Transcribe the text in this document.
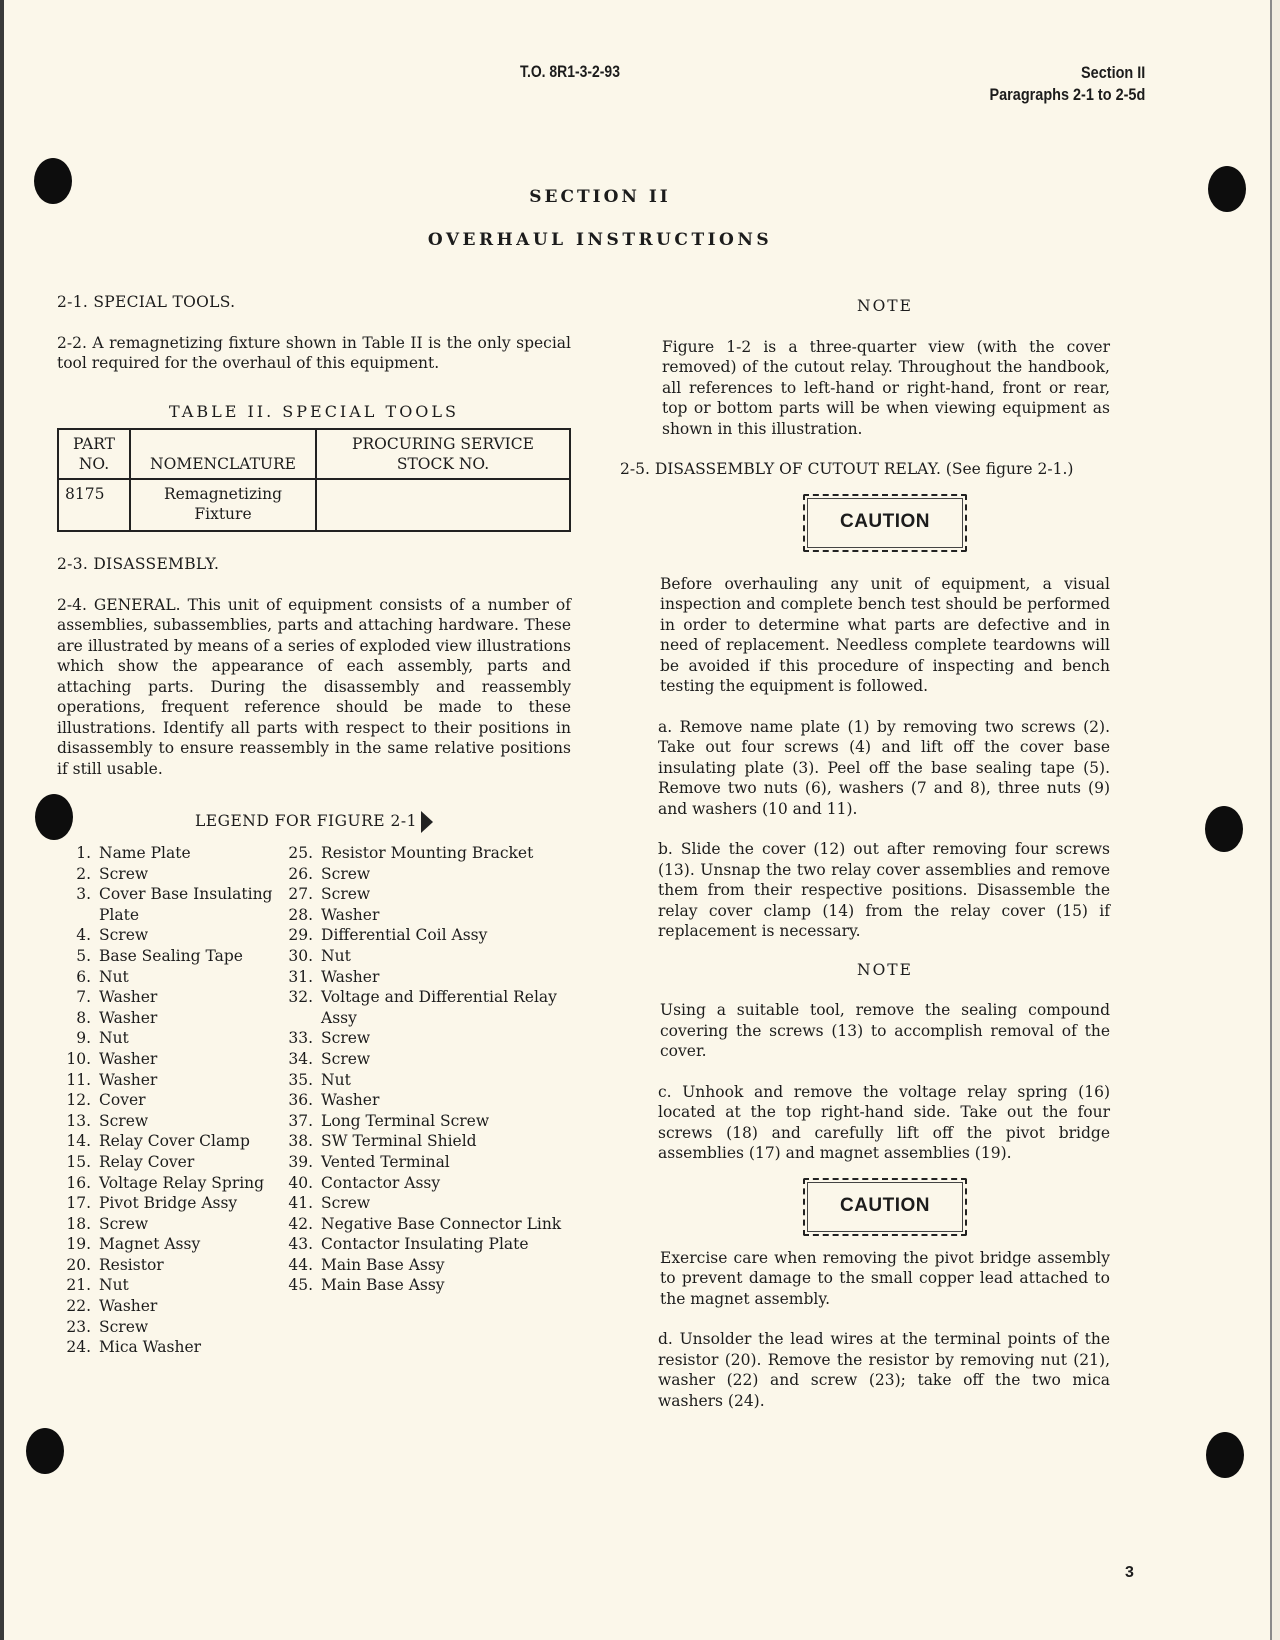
T.O. 8R1-3-2-93	Section II
Paragraphs 2-1 to 2-5d
SECTION II
OVERHAUL INSTRUCTIONS

2-1. SPECIAL TOOLS.

2-2. A remagnetizing fixture shown in Table II is the only special tool required for the overhaul of this equipment.

TABLE II. SPECIAL TOOLS

PART NO.	NOMENCLATURE	PROCURING SERVICE STOCK NO.
8175	Remagnetizing Fixture	

2-3. DISASSEMBLY.

2-4. GENERAL. This unit of equipment consists of a number of assemblies, subassemblies, parts and attaching hardware. These are illustrated by means of a series of exploded view illustrations which show the appearance of each assembly, parts and attaching parts. During the disassembly and reassembly operations, frequent reference should be made to these illustrations. Identify all parts with respect to their positions in disassembly to ensure reassembly in the same relative positions if still usable.

LEGEND FOR FIGURE 2-1

1. Name Plate
2. Screw
3. Cover Base Insulating Plate
4. Screw
5. Base Sealing Tape
6. Nut
7. Washer
8. Washer
9. Nut
10. Washer
11. Washer
12. Cover
13. Screw
14. Relay Cover Clamp
15. Relay Cover
16. Voltage Relay Spring
17. Pivot Bridge Assy
18. Screw
19. Magnet Assy
20. Resistor
21. Nut
22. Washer
23. Screw
24. Mica Washer
25. Resistor Mounting Bracket
26. Screw
27. Screw
28. Washer
29. Differential Coil Assy
30. Nut
31. Washer
32. Voltage and Differential Relay Assy
33. Screw
34. Screw
35. Nut
36. Washer
37. Long Terminal Screw
38. SW Terminal Shield
39. Vented Terminal
40. Contactor Assy
41. Screw
42. Negative Base Connector Link
43. Contactor Insulating Plate
44. Main Base Assy
45. Main Base Assy

NOTE

Figure 1-2 is a three-quarter view (with the cover removed) of the cutout relay. Throughout the handbook, all references to left-hand or right-hand, front or rear, top or bottom parts will be when viewing equipment as shown in this illustration.

2-5. DISASSEMBLY OF CUTOUT RELAY. (See figure 2-1.)

CAUTION

Before overhauling any unit of equipment, a visual inspection and complete bench test should be performed in order to determine what parts are defective and in need of replacement. Needless complete teardowns will be avoided if this procedure of inspecting and bench testing the equipment is followed.

a. Remove name plate (1) by removing two screws (2). Take out four screws (4) and lift off the cover base insulating plate (3). Peel off the base sealing tape (5). Remove two nuts (6), washers (7 and 8), three nuts (9) and washers (10 and 11).

b. Slide the cover (12) out after removing four screws (13). Unsnap the two relay cover assemblies and remove them from their respective positions. Disassemble the relay cover clamp (14) from the relay cover (15) if replacement is necessary.

NOTE

Using a suitable tool, remove the sealing compound covering the screws (13) to accomplish removal of the cover.

c. Unhook and remove the voltage relay spring (16) located at the top right-hand side. Take out the four screws (18) and carefully lift off the pivot bridge assemblies (17) and magnet assemblies (19).

CAUTION

Exercise care when removing the pivot bridge assembly to prevent damage to the small copper lead attached to the magnet assembly.

d. Unsolder the lead wires at the terminal points of the resistor (20). Remove the resistor by removing nut (21), washer (22) and screw (23); take off the two mica washers (24).

3
